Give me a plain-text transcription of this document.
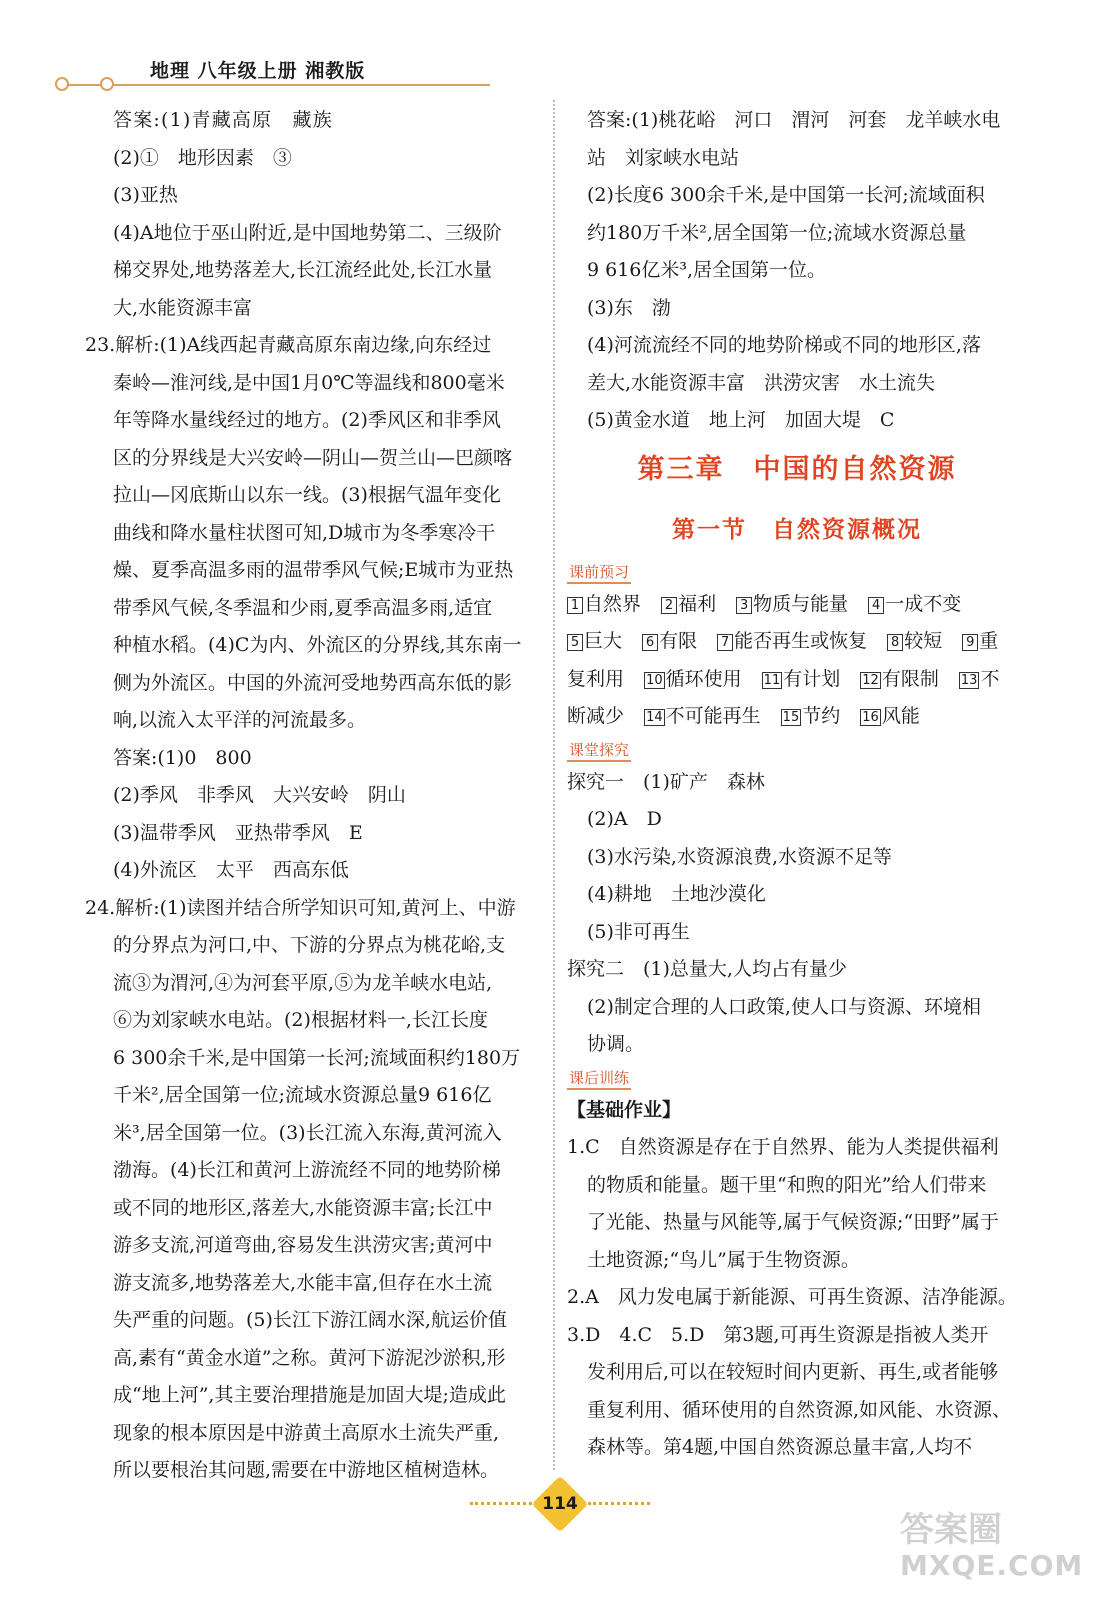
地理 八年级上册 湘教版
答案:(1)青藏高原　藏族
(2)①　地形因素　③
(3)亚热
(4)A地位于巫山附近,是中国地势第二、三级阶
梯交界处,地势落差大,长江流经此处,长江水量
大,水能资源丰富
23.解析:(1)A线西起青藏高原东南边缘,向东经过
秦岭—淮河线,是中国1月0℃等温线和800毫米
年等降水量线经过的地方。(2)季风区和非季风
区的分界线是大兴安岭—阴山—贺兰山—巴颜喀
拉山—冈底斯山以东一线。(3)根据气温年变化
曲线和降水量柱状图可知,D城市为冬季寒冷干
燥、夏季高温多雨的温带季风气候;E城市为亚热
带季风气候,冬季温和少雨,夏季高温多雨,适宜
种植水稻。(4)C为内、外流区的分界线,其东南一
侧为外流区。中国的外流河受地势西高东低的影
响,以流入太平洋的河流最多。
答案:(1)0　800
(2)季风　非季风　大兴安岭　阴山
(3)温带季风　亚热带季风　E
(4)外流区　太平　西高东低
24.解析:(1)读图并结合所学知识可知,黄河上、中游
的分界点为河口,中、下游的分界点为桃花峪,支
流③为渭河,④为河套平原,⑤为龙羊峡水电站,
⑥为刘家峡水电站。(2)根据材料一,长江长度
6 300余千米,是中国第一长河;流域面积约180万
千米²,居全国第一位;流域水资源总量9 616亿
米³,居全国第一位。(3)长江流入东海,黄河流入
渤海。(4)长江和黄河上游流经不同的地势阶梯
或不同的地形区,落差大,水能资源丰富;长江中
游多支流,河道弯曲,容易发生洪涝灾害;黄河中
游支流多,地势落差大,水能丰富,但存在水土流
失严重的问题。(5)长江下游江阔水深,航运价值
高,素有“黄金水道”之称。黄河下游泥沙淤积,形
成“地上河”,其主要治理措施是加固大堤;造成此
现象的根本原因是中游黄土高原水土流失严重,
所以要根治其问题,需要在中游地区植树造林。
答案:(1)桃花峪　河口　渭河　河套　龙羊峡水电
站　刘家峡水电站
(2)长度6 300余千米,是中国第一长河;流域面积
约180万千米²,居全国第一位;流域水资源总量
9 616亿米³,居全国第一位。
(3)东　渤
(4)河流流经不同的地势阶梯或不同的地形区,落
差大,水能资源丰富　洪涝灾害　水土流失
(5)黄金水道　地上河　加固大堤　C
第三章　中国的自然资源
第一节　自然资源概况
课前预习
1 自然界 2 福利 3 物质与能量 4 一成不变
5 巨大 6 有限 7 能否再生或恢复 8 较短 9 重
复利用 10 循环使用 11 有计划 12 有限制 13 不
断减少 14 不可能再生 15 节约 16 风能
课堂探究
探究一　(1)矿产　森林
(2)A　D
(3)水污染,水资源浪费,水资源不足等
(4)耕地　土地沙漠化
(5)非可再生
探究二　(1)总量大,人均占有量少
(2)制定合理的人口政策,使人口与资源、环境相
协调。
课后训练
【基础作业】
1.C　自然资源是存在于自然界、能为人类提供福利
的物质和能量。题干里“和煦的阳光”给人们带来
了光能、热量与风能等,属于气候资源;“田野”属于
土地资源;“鸟儿”属于生物资源。
2.A　风力发电属于新能源、可再生资源、洁净能源。
3.D　4.C　5.D　第3题,可再生资源是指被人类开
发利用后,可以在较短时间内更新、再生,或者能够
重复利用、循环使用的自然资源,如风能、水资源、
森林等。第4题,中国自然资源总量丰富,人均不
114
答案圈
MXQE.COM
